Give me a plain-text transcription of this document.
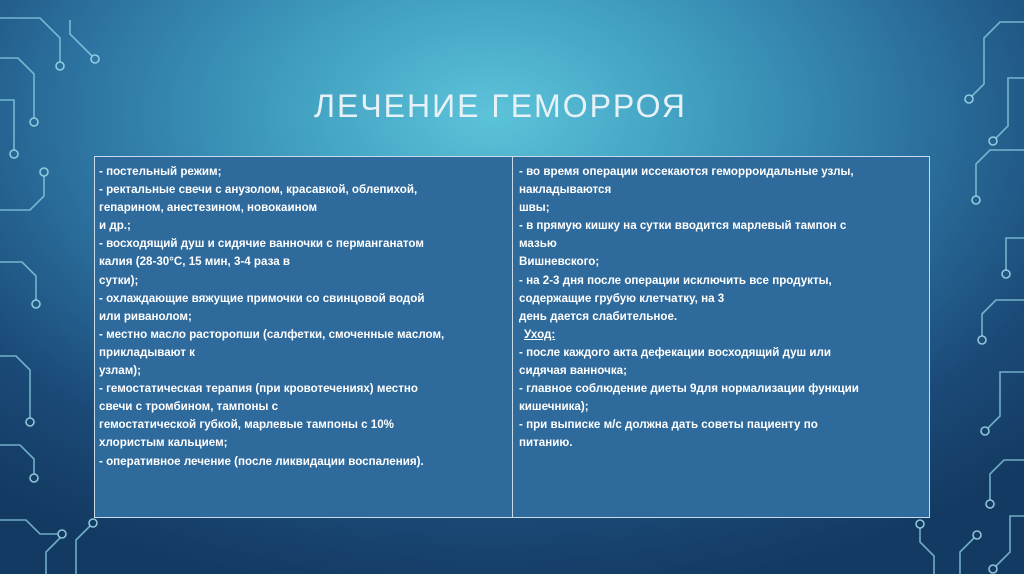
ЛЕЧЕНИЕ ГЕМОРРОЯ
- постельный режим;
- ректальные свечи с анузолом, красавкой, облепихой,
гепарином, анестезином, новокаином
и др.;
- восходящий душ и сидячие ванночки с перманганатом
калия (28-30°С, 15 мин, 3-4 раза в
сутки);
- охлаждающие вяжущие примочки со свинцовой водой
или риванолом;
- местно масло расторопши (салфетки, смоченные маслом,
прикладывают к
узлам);
- гемостатическая терапия (при кровотечениях) местно
свечи с тромбином, тампоны с
гемостатической губкой, марлевые тампоны с 10%
хлористым кальцием;
- оперативное лечение (после ликвидации воспаления).
- во время операции иссекаются геморроидальные узлы,
накладываются
швы;
- в прямую кишку на сутки вводится марлевый тампон с
мазью
Вишневского;
- на 2-3 дня после операции исключить все продукты,
содержащие грубую клетчатку, на 3
день дается слабительное.
Уход:
- после каждого акта дефекации восходящий душ или
сидячая ванночка;
- главное соблюдение диеты 9для нормализации функции
кишечника);
- при выписке м/с должна дать советы пациенту по
питанию.
